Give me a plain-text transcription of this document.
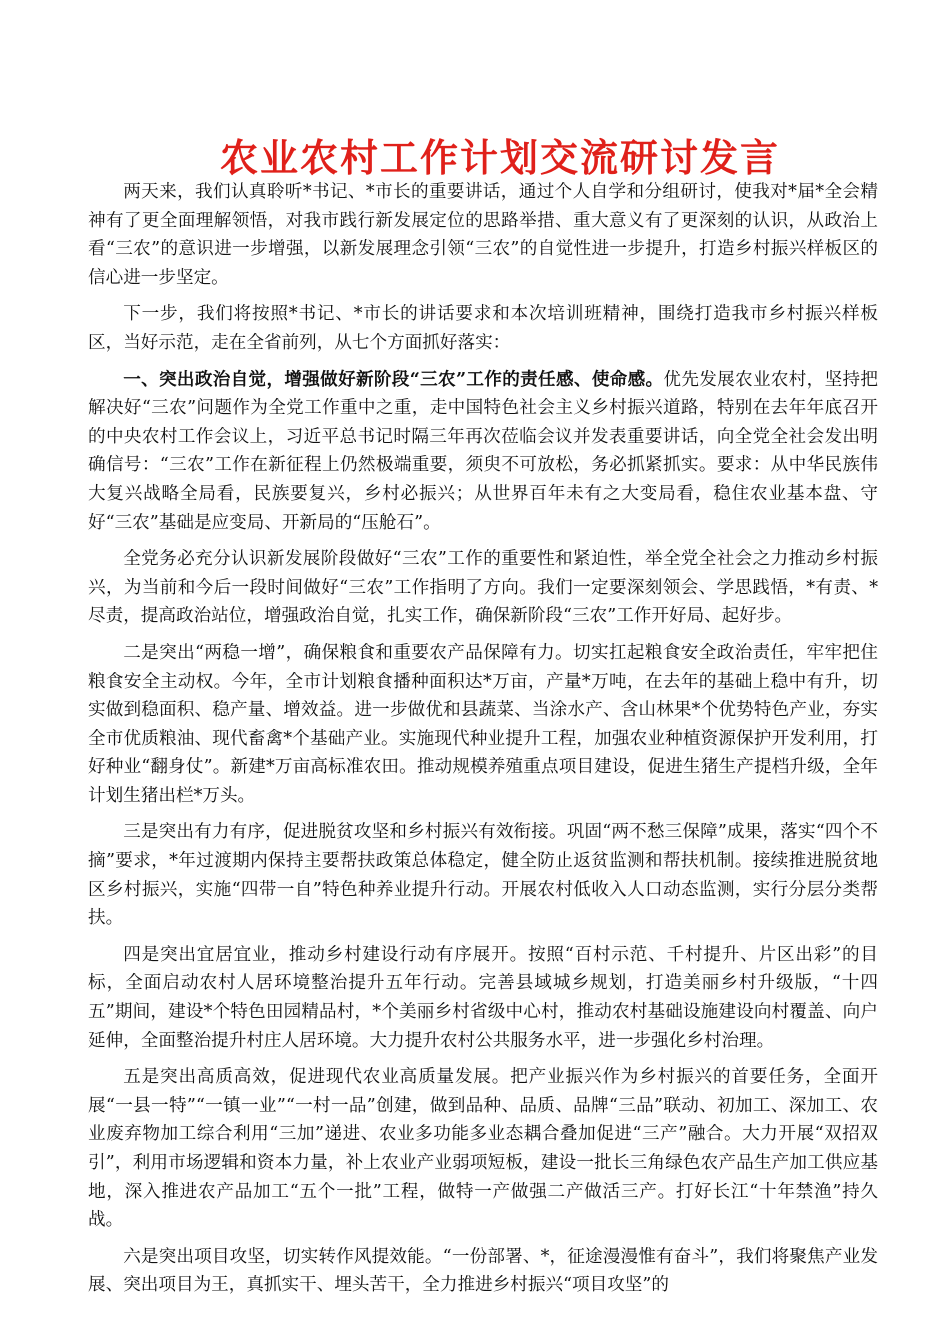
农业农村工作计划交流研讨发言

两天来，我们认真聆听*书记、*市长的重要讲话，通过个人自学和分组研讨，使我对*届*全会精神有了更全面理解领悟，对我市践行新发展定位的思路举措、重大意义有了更深刻的认识，从政治上看“三农”的意识进一步增强，以新发展理念引领“三农”的自觉性进一步提升，打造乡村振兴样板区的信心进一步坚定。

下一步，我们将按照*书记、*市长的讲话要求和本次培训班精神，围绕打造我市乡村振兴样板区，当好示范，走在全省前列，从七个方面抓好落实：

一、突出政治自觉，增强做好新阶段“三农”工作的责任感、使命感。优先发展农业农村，坚持把解决好“三农”问题作为全党工作重中之重，走中国特色社会主义乡村振兴道路，特别在去年年底召开的中央农村工作会议上，习近平总书记时隔三年再次莅临会议并发表重要讲话，向全党全社会发出明确信号：“三农”工作在新征程上仍然极端重要，须臾不可放松，务必抓紧抓实。要求：从中华民族伟大复兴战略全局看，民族要复兴，乡村必振兴；从世界百年未有之大变局看，稳住农业基本盘、守好“三农”基础是应变局、开新局的“压舱石”。

全党务必充分认识新发展阶段做好“三农”工作的重要性和紧迫性，举全党全社会之力推动乡村振兴，为当前和今后一段时间做好“三农”工作指明了方向。我们一定要深刻领会、学思践悟，*有责、*尽责，提高政治站位，增强政治自觉，扎实工作，确保新阶段“三农”工作开好局、起好步。

二是突出“两稳一增”，确保粮食和重要农产品保障有力。切实扛起粮食安全政治责任，牢牢把住粮食安全主动权。今年，全市计划粮食播种面积达*万亩，产量*万吨，在去年的基础上稳中有升，切实做到稳面积、稳产量、增效益。进一步做优和县蔬菜、当涂水产、含山林果*个优势特色产业，夯实全市优质粮油、现代畜禽*个基础产业。实施现代种业提升工程，加强农业种植资源保护开发利用，打好种业“翻身仗”。新建*万亩高标准农田。推动规模养殖重点项目建设，促进生猪生产提档升级，全年计划生猪出栏*万头。

三是突出有力有序，促进脱贫攻坚和乡村振兴有效衔接。巩固“两不愁三保障”成果，落实“四个不摘”要求，*年过渡期内保持主要帮扶政策总体稳定，健全防止返贫监测和帮扶机制。接续推进脱贫地区乡村振兴，实施“四带一自”特色种养业提升行动。开展农村低收入人口动态监测，实行分层分类帮扶。

四是突出宜居宜业，推动乡村建设行动有序展开。按照“百村示范、千村提升、片区出彩”的目标，全面启动农村人居环境整治提升五年行动。完善县域城乡规划，打造美丽乡村升级版，“十四五”期间，建设*个特色田园精品村，*个美丽乡村省级中心村，推动农村基础设施建设向村覆盖、向户延伸，全面整治提升村庄人居环境。大力提升农村公共服务水平，进一步强化乡村治理。

五是突出高质高效，促进现代农业高质量发展。把产业振兴作为乡村振兴的首要任务，全面开展“一县一特”“一镇一业”“一村一品”创建，做到品种、品质、品牌“三品”联动、初加工、深加工、农业废弃物加工综合利用“三加”递进、农业多功能多业态耦合叠加促进“三产”融合。大力开展“双招双引”，利用市场逻辑和资本力量，补上农业产业弱项短板，建设一批长三角绿色农产品生产加工供应基地，深入推进农产品加工“五个一批”工程，做特一产做强二产做活三产。打好长江“十年禁渔”持久战。

六是突出项目攻坚，切实转作风提效能。“一份部署、*，征途漫漫惟有奋斗”，我们将聚焦产业发展、突出项目为王，真抓实干、埋头苦干，全力推进乡村振兴“项目攻坚”的
